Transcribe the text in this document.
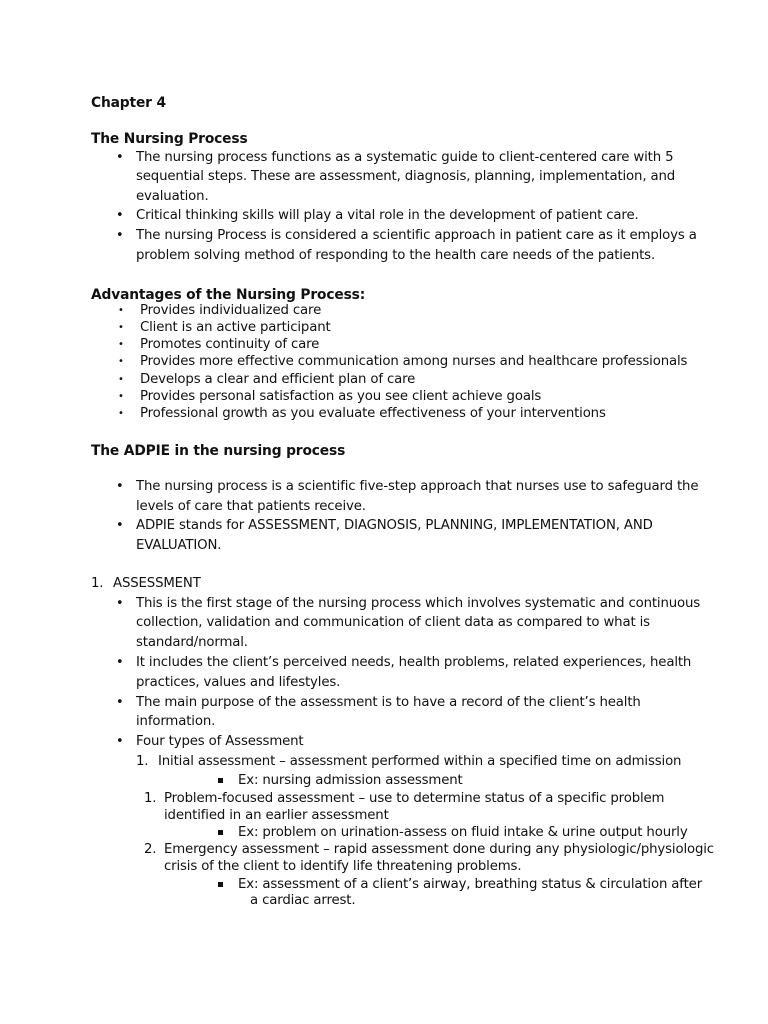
Chapter 4
The Nursing Process
• The nursing process functions as a systematic guide to client-centered care with 5
sequential steps. These are assessment, diagnosis, planning, implementation, and
evaluation.
• Critical thinking skills will play a vital role in the development of patient care.
• The nursing Process is considered a scientific approach in patient care as it employs a
problem solving method of responding to the health care needs of the patients.
Advantages of the Nursing Process:
• Provides individualized care
• Client is an active participant
• Promotes continuity of care
• Provides more effective communication among nurses and healthcare professionals
• Develops a clear and efficient plan of care
• Provides personal satisfaction as you see client achieve goals
• Professional growth as you evaluate effectiveness of your interventions
The ADPIE in the nursing process
• The nursing process is a scientific five-step approach that nurses use to safeguard the
levels of care that patients receive.
• ADPIE stands for ASSESSMENT, DIAGNOSIS, PLANNING, IMPLEMENTATION, AND
EVALUATION.
1. ASSESSMENT
• This is the first stage of the nursing process which involves systematic and continuous
collection, validation and communication of client data as compared to what is
standard/normal.
• It includes the client’s perceived needs, health problems, related experiences, health
practices, values and lifestyles.
• The main purpose of the assessment is to have a record of the client’s health
information.
• Four types of Assessment
1. Initial assessment – assessment performed within a specified time on admission
Ex: nursing admission assessment
1. Problem-focused assessment – use to determine status of a specific problem
identified in an earlier assessment
Ex: problem on urination-assess on fluid intake & urine output hourly
2. Emergency assessment – rapid assessment done during any physiologic/physiologic
crisis of the client to identify life threatening problems.
Ex: assessment of a client’s airway, breathing status & circulation after
a cardiac arrest.
